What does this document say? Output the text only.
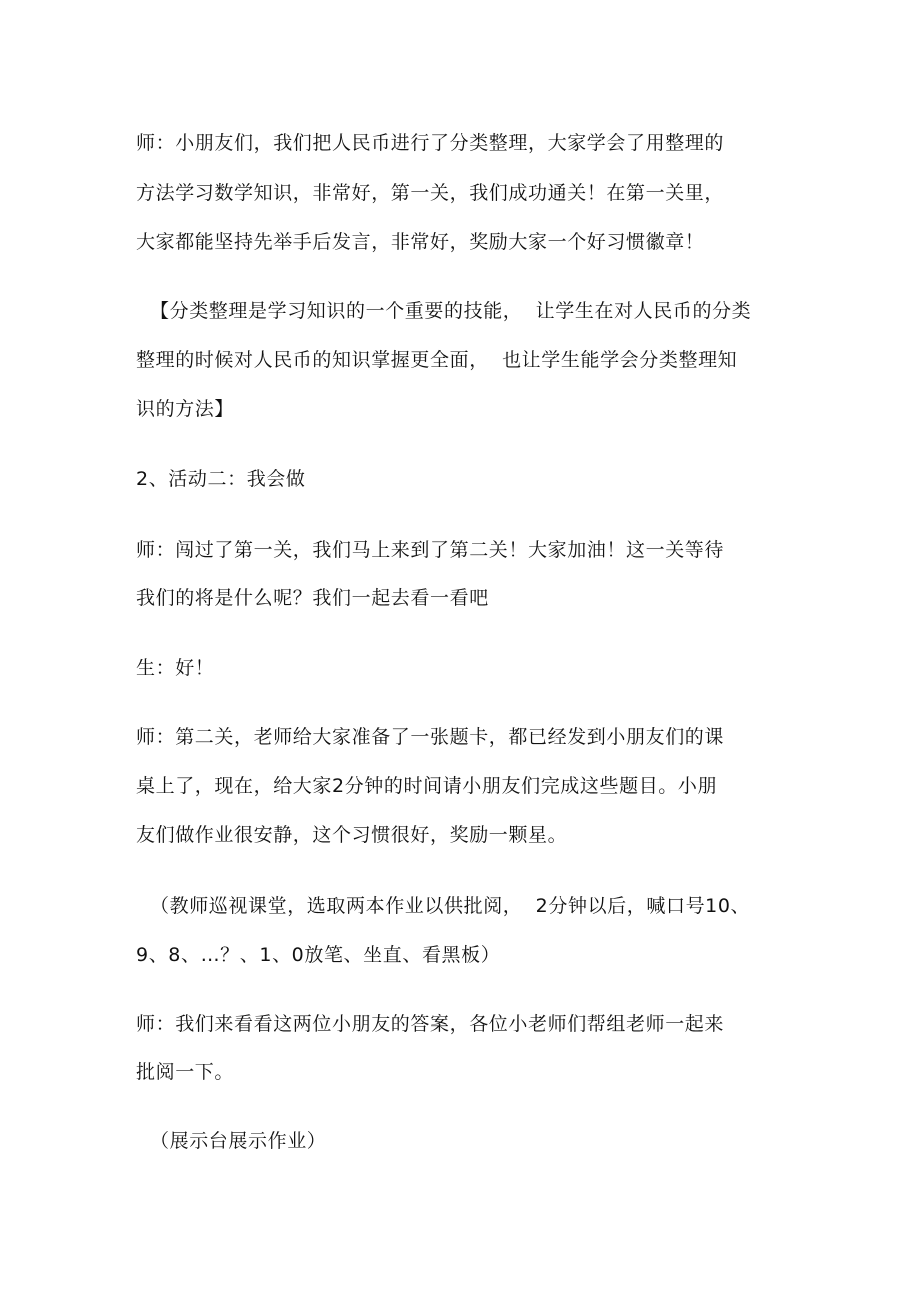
师：小朋友们，我们把人民币进行了分类整理，大家学会了用整理的
方法学习数学知识，非常好，第一关，我们成功通关！在第一关里，
大家都能坚持先举手后发言，非常好，奖励大家一个好习惯徽章！
【分类整理是学习知识的一个重要的技能，  让学生在对人民币的分类
整理的时候对人民币的知识掌握更全面，  也让学生能学会分类整理知
识的方法】
2、活动二：我会做
师：闯过了第一关，我们马上来到了第二关！大家加油！这一关等待
我们的将是什么呢？我们一起去看一看吧
生：好！
师：第二关，老师给大家准备了一张题卡，都已经发到小朋友们的课
桌上了，现在，给大家2分钟的时间请小朋友们完成这些题目。小朋
友们做作业很安静，这个习惯很好，奖励一颗星。
（教师巡视课堂，选取两本作业以供批阅，  2分钟以后，喊口号10、
9、8、…？、1、0放笔、坐直、看黑板）
师：我们来看看这两位小朋友的答案，各位小老师们帮组老师一起来
批阅一下。
（展示台展示作业）
